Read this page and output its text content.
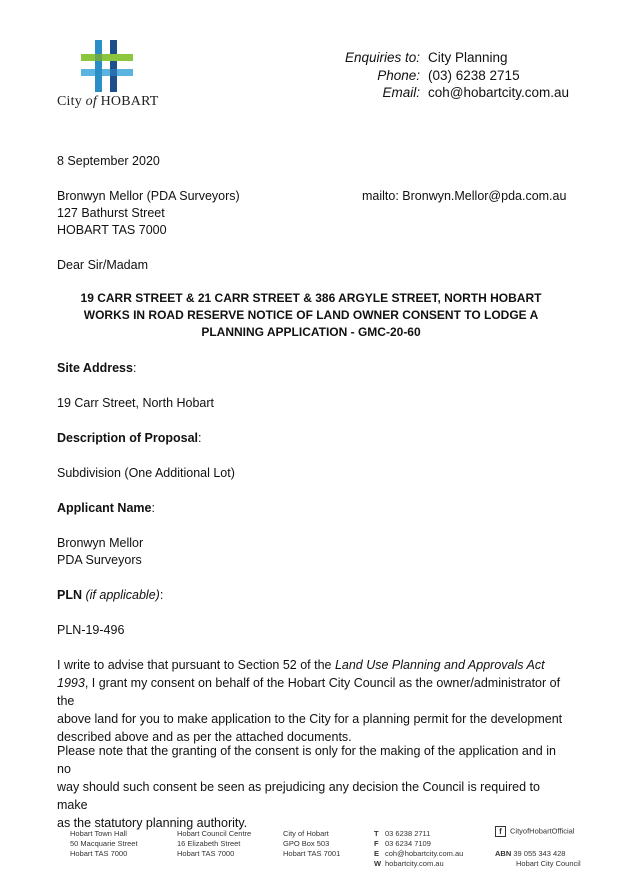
City of HOBART
Enquiries to: City Planning
Phone: (03) 6238 2715
Email: coh@hobartcity.com.au
8 September 2020
Bronwyn Mellor (PDA Surveyors)
127 Bathurst Street
HOBART TAS 7000
mailto: Bronwyn.Mellor@pda.com.au
Dear Sir/Madam
19 CARR STREET & 21 CARR STREET & 386 ARGYLE STREET, NORTH HOBART
WORKS IN ROAD RESERVE NOTICE OF LAND OWNER CONSENT TO LODGE A
PLANNING APPLICATION - GMC-20-60
Site Address:
19 Carr Street, North Hobart
Description of Proposal:
Subdivision (One Additional Lot)
Applicant Name:
Bronwyn Mellor
PDA Surveyors
PLN (if applicable):
PLN-19-496
I write to advise that pursuant to Section 52 of the Land Use Planning and Approvals Act
1993, I grant my consent on behalf of the Hobart City Council as the owner/administrator of the
above land for you to make application to the City for a planning permit for the development
described above and as per the attached documents.
Please note that the granting of the consent is only for the making of the application and in no
way should such consent be seen as prejudicing any decision the Council is required to make
as the statutory planning authority.
Hobart Town Hall
50 Macquarie Street
Hobart TAS 7000
Hobart Council Centre
16 Elizabeth Street
Hobart TAS 7000
City of Hobart
GPO Box 503
Hobart TAS 7001
T 03 6238 2711
F 03 6234 7109
E coh@hobartcity.com.au
W hobartcity.com.au
f CityofHobartOfficial
ABN 39 055 343 428
Hobart City Council
